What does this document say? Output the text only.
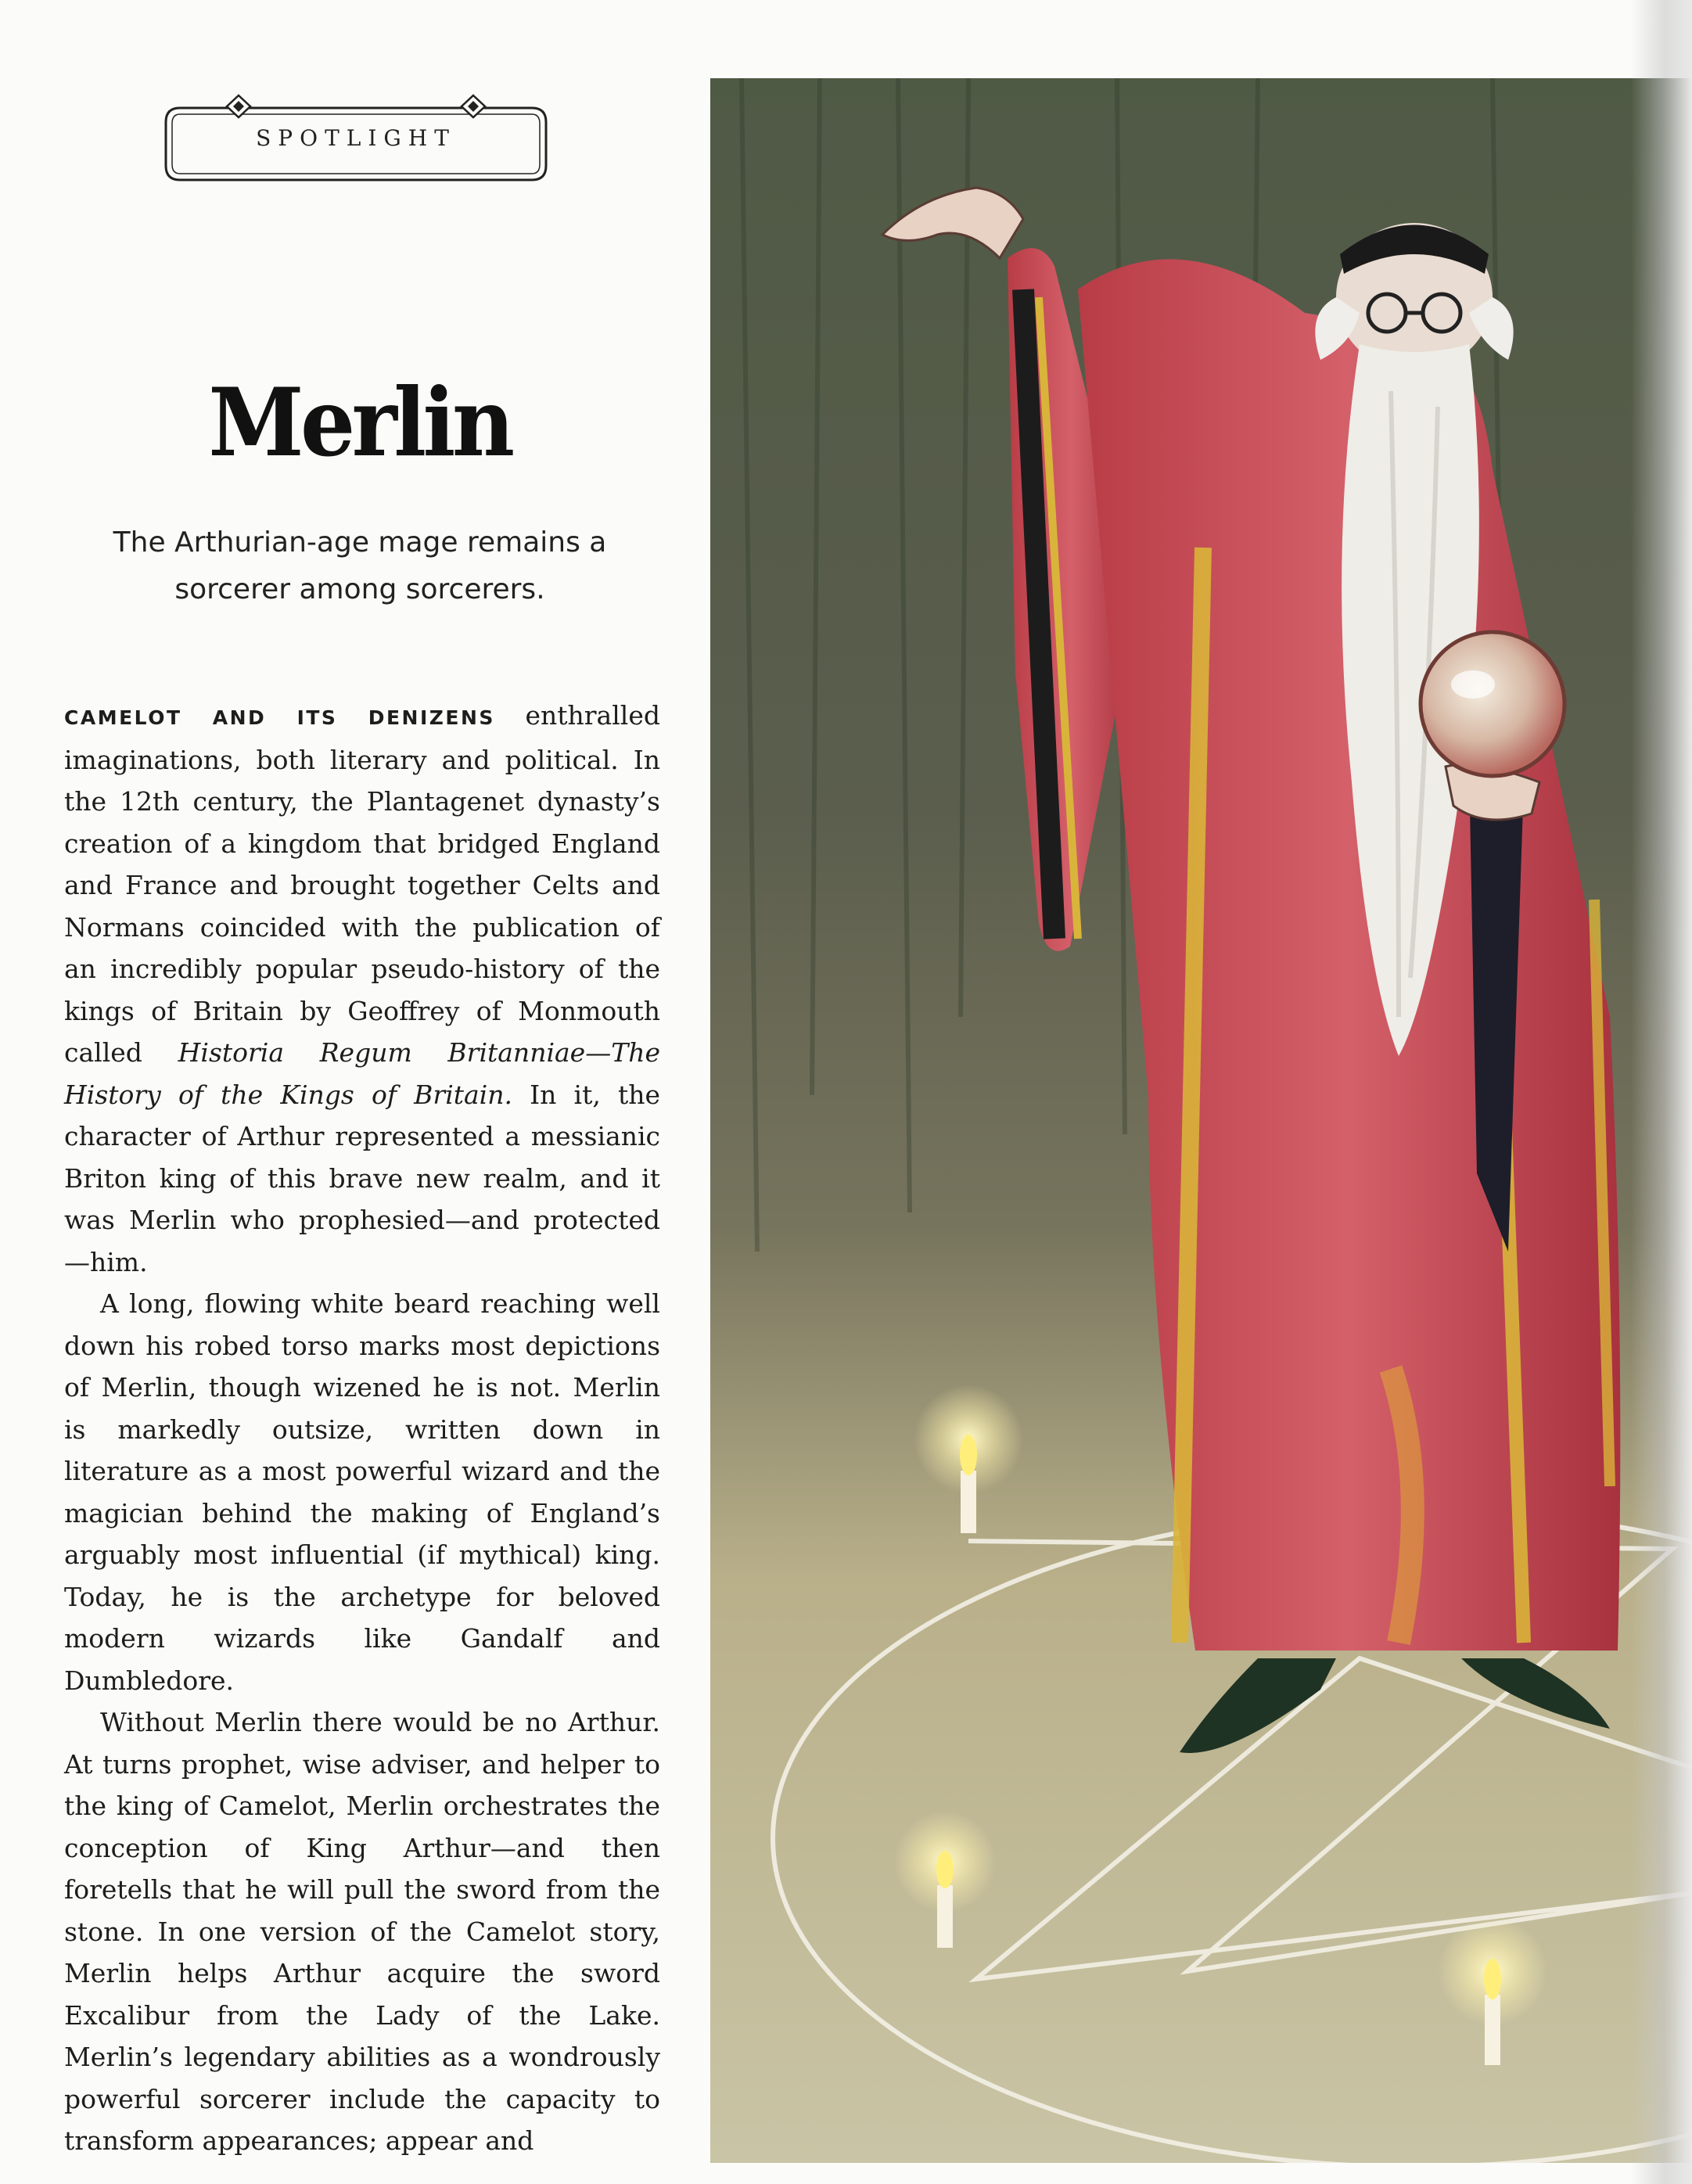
SPOTLIGHT
Merlin

The Arthurian-age mage remains a sorcerer among sorcerers.

CAMELOT AND ITS DENIZENS enthralled imaginations, both literary and political. In the 12th century, the Plantagenet dynasty’s creation of a kingdom that bridged England and France and brought together Celts and Normans coincided with the publication of an incredibly popular pseudo-history of the kings of Britain by Geoffrey of Monmouth called Historia Regum Britanniae—The History of the Kings of Britain. In it, the character of Arthur represented a messianic Briton king of this brave new realm, and it was Merlin who prophesied—and protected—him.

A long, flowing white beard reaching well down his robed torso marks most depictions of Merlin, though wizened he is not. Merlin is markedly outsize, written down in literature as a most powerful wizard and the magician behind the making of England’s arguably most influential (if mythical) king. Today, he is the archetype for beloved modern wizards like Gandalf and Dumbledore.

Without Merlin there would be no Arthur. At turns prophet, wise adviser, and helper to the king of Camelot, Merlin orchestrates the conception of King Arthur—and then foretells that he will pull the sword from the stone. In one version of the Camelot story, Merlin helps Arthur acquire the sword Excalibur from the Lady of the Lake. Merlin’s legendary abilities as a wondrously powerful sorcerer include the capacity to transform appearances; appear and
